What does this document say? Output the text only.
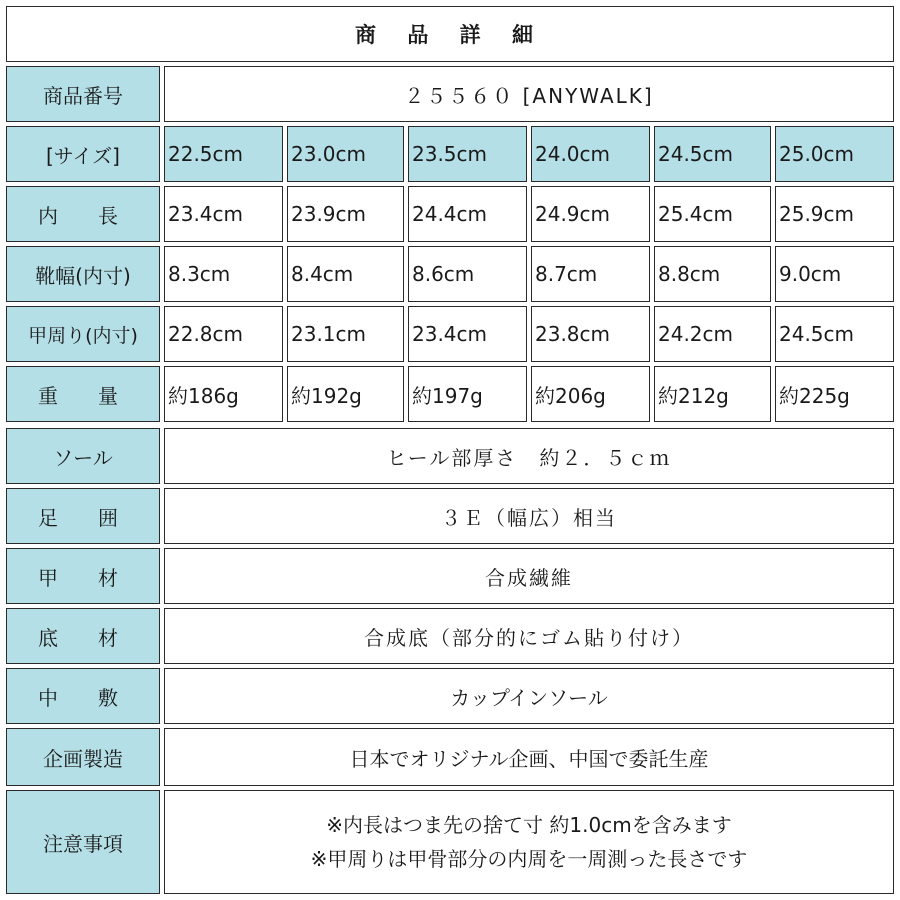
商 品 詳 細
商品番号	２５５６０ [ANYWALK]
[サイズ]	22.5cm	23.0cm	23.5cm	24.0cm	24.5cm	25.0cm
内　長	23.4cm	23.9cm	24.4cm	24.9cm	25.4cm	25.9cm
靴幅(内寸)	8.3cm	8.4cm	8.6cm	8.7cm	8.8cm	9.0cm
甲周り(内寸)	22.8cm	23.1cm	23.4cm	23.8cm	24.2cm	24.5cm
重　量	約186g	約192g	約197g	約206g	約212g	約225g
ソール	ヒール部厚さ　約２．５ｃｍ
足　囲	３Ｅ（幅広）相当
甲　材	合成繊維
底　材	合成底（部分的にゴム貼り付け）
中　敷	カップインソール
企画製造	日本でオリジナル企画、中国で委託生産
注意事項
※内長はつま先の捨て寸 約1.0cmを含みます
※甲周りは甲骨部分の内周を一周測った長さです
